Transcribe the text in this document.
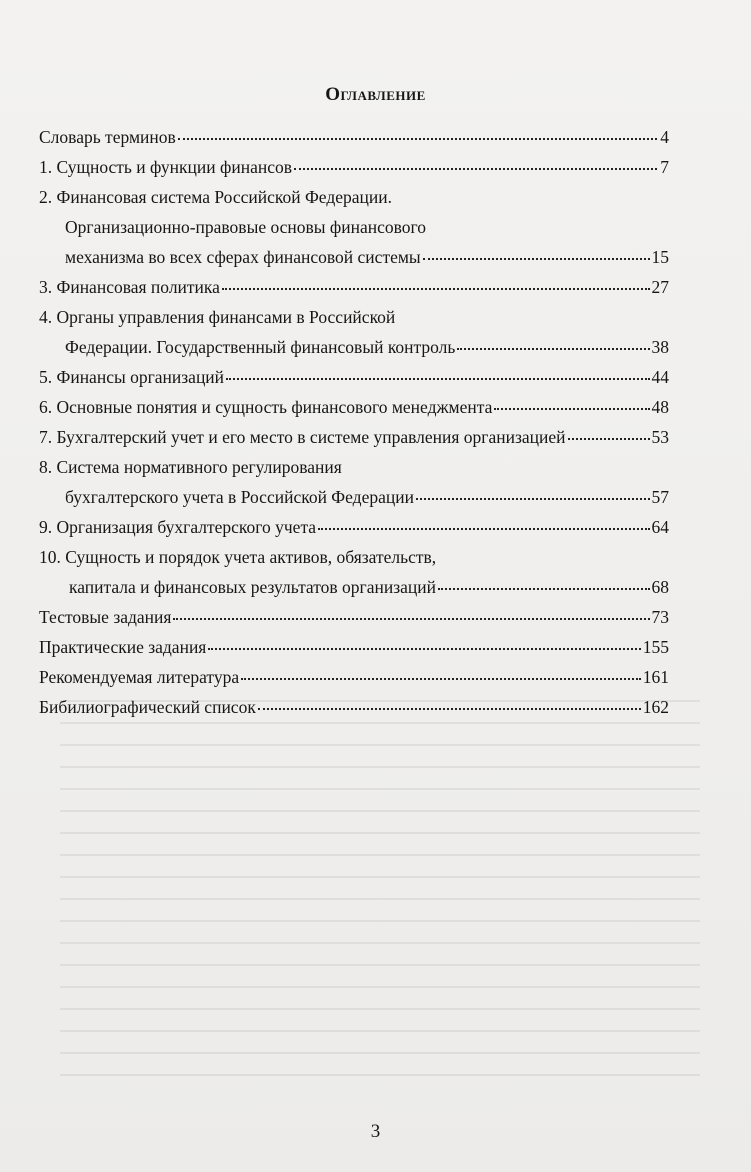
Оглавление
Словарь терминов	4
1. Сущность и функции финансов	7
2. Финансовая система Российской Федерации.
Организационно-правовые основы финансового
механизма во всех сферах финансовой системы	15
3. Финансовая политика	27
4. Органы управления финансами в Российской
Федерации. Государственный финансовый контроль	38
5. Финансы организаций	44
6. Основные понятия и сущность финансового менеджмента	48
7. Бухгалтерский учет и его место в системе управления организацией	53
8. Система нормативного регулирования
бухгалтерского учета в Российской Федерации	57
9. Организация бухгалтерского учета	64
10. Сущность и порядок учета активов, обязательств,
капитала и финансовых результатов организаций	68
Тестовые задания	73
Практические задания	155
Рекомендуемая литература	161
Бибилиографический список	162
3
